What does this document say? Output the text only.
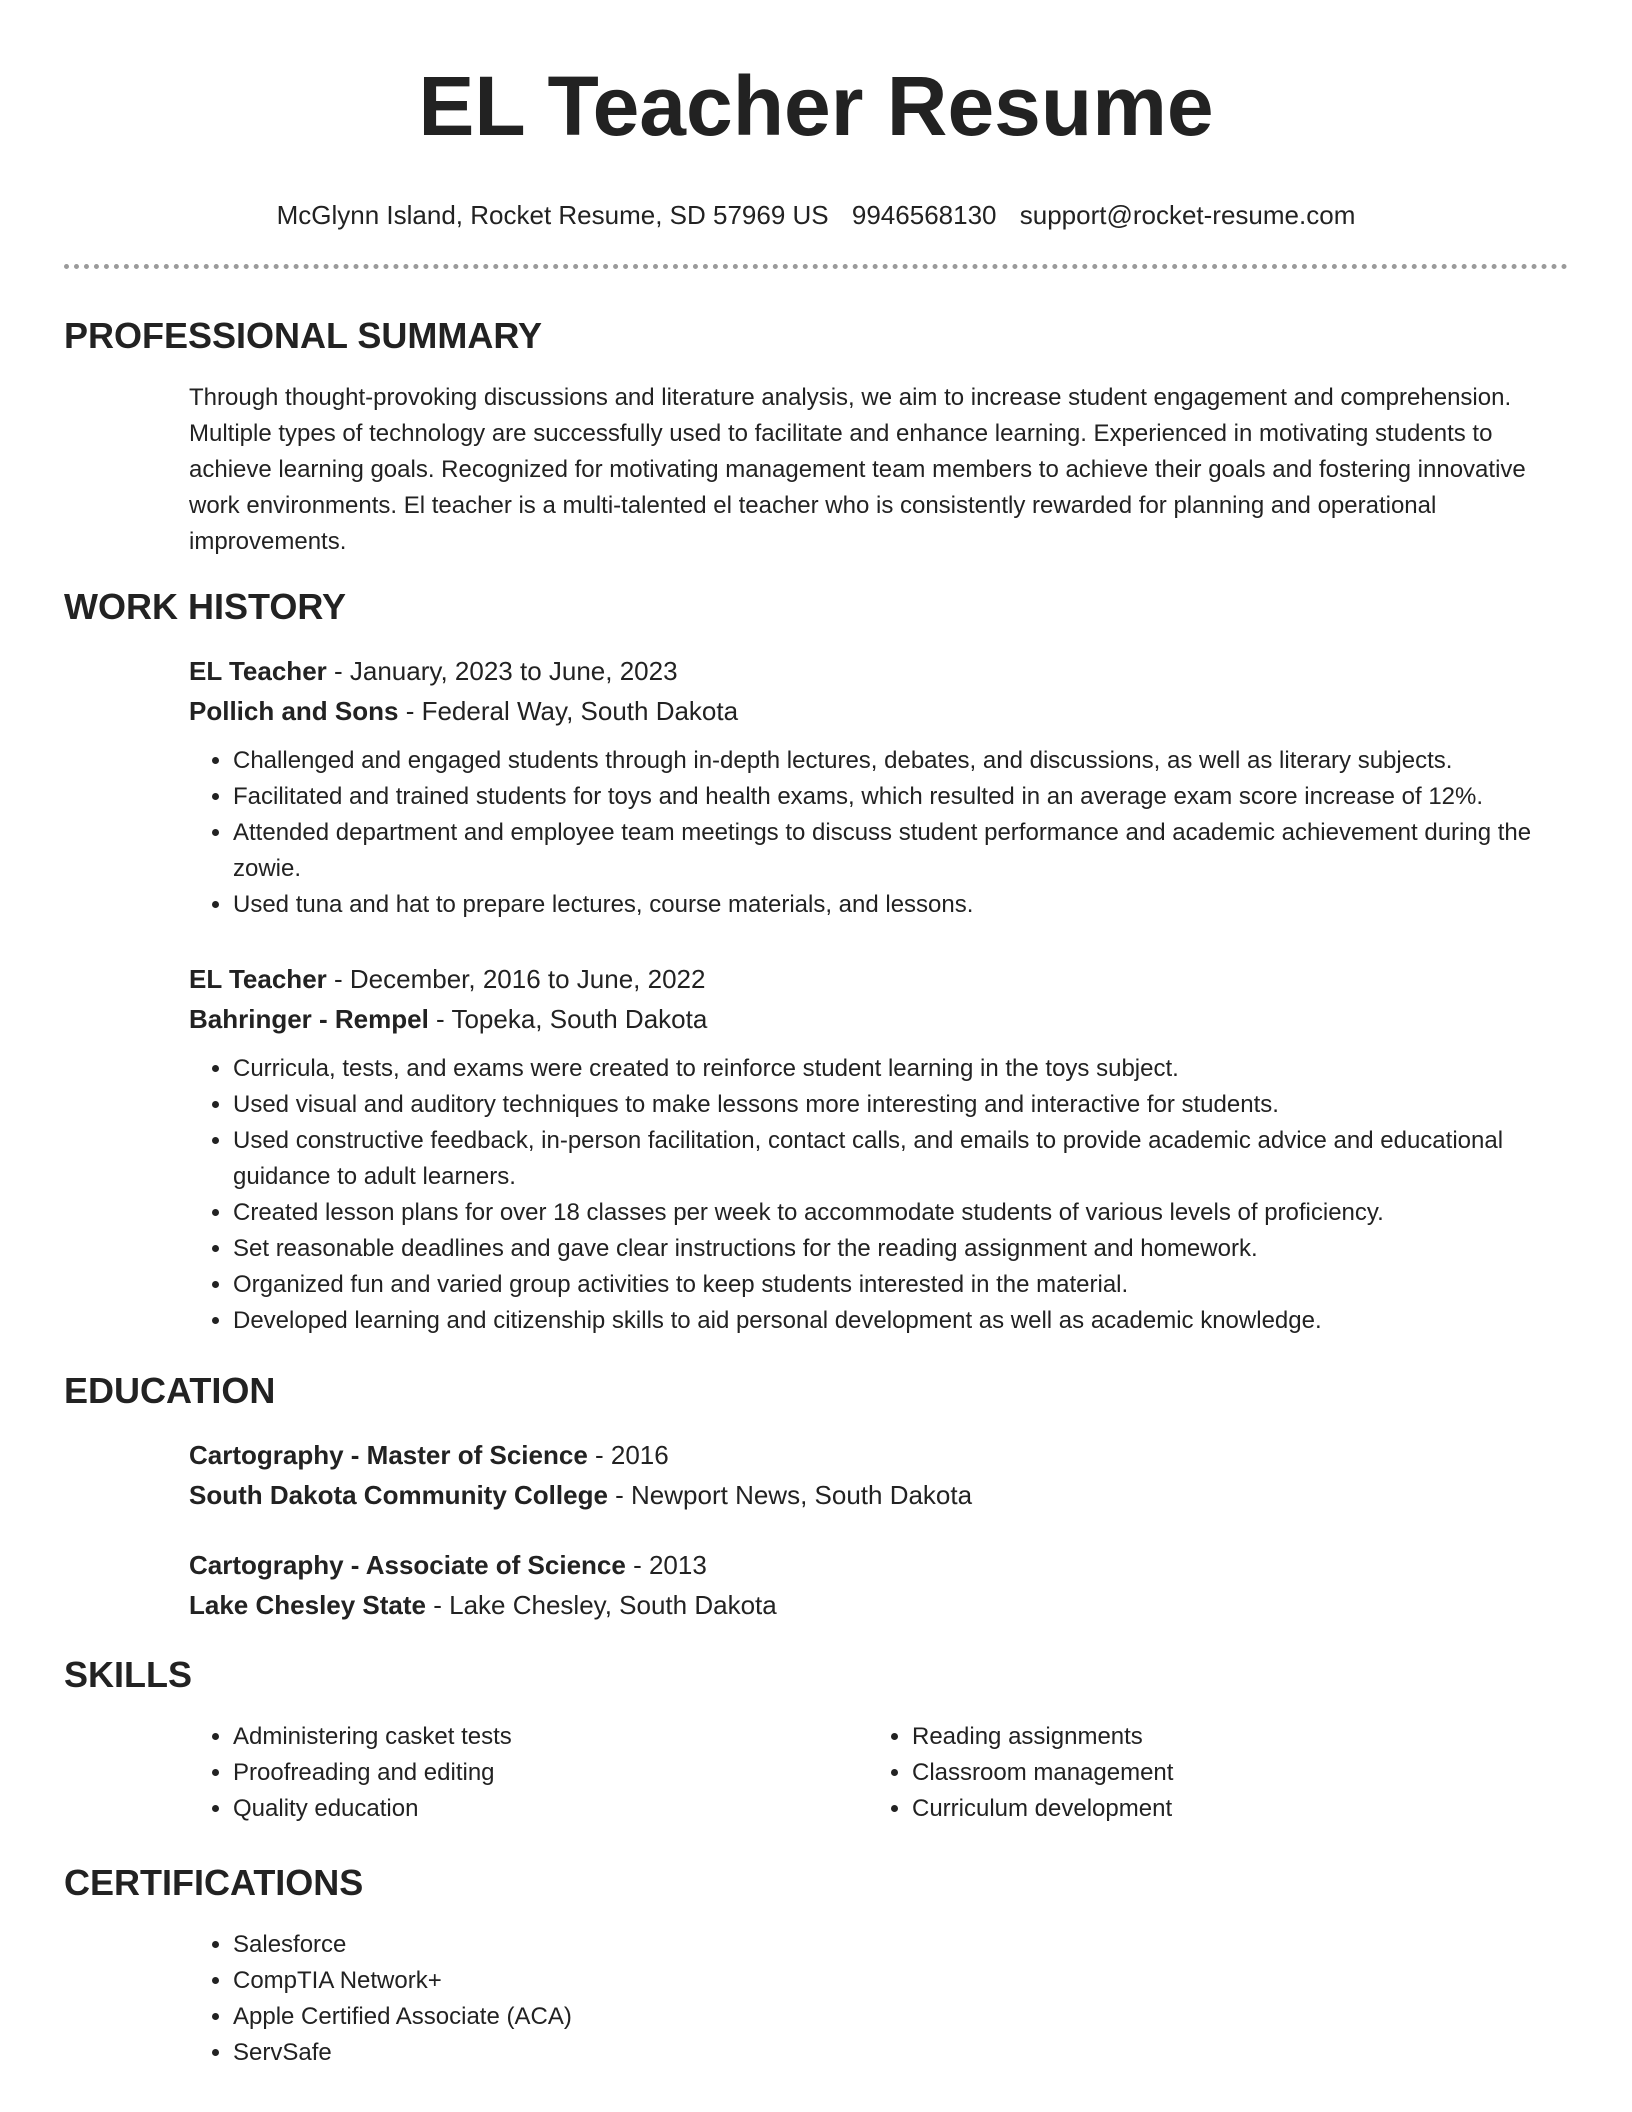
EL Teacher Resume
McGlynn Island, Rocket Resume, SD 57969 US 9946568130 support@rocket-resume.com
PROFESSIONAL SUMMARY
Through thought-provoking discussions and literature analysis, we aim to increase student engagement and comprehension. Multiple types of technology are successfully used to facilitate and enhance learning. Experienced in motivating students to achieve learning goals. Recognized for motivating management team members to achieve their goals and fostering innovative work environments. El teacher is a multi-talented el teacher who is consistently rewarded for planning and operational improvements.
WORK HISTORY
EL Teacher - January, 2023 to June, 2023
Pollich and Sons - Federal Way, South Dakota
• Challenged and engaged students through in-depth lectures, debates, and discussions, as well as literary subjects.
• Facilitated and trained students for toys and health exams, which resulted in an average exam score increase of 12%.
• Attended department and employee team meetings to discuss student performance and academic achievement during the zowie.
• Used tuna and hat to prepare lectures, course materials, and lessons.
EL Teacher - December, 2016 to June, 2022
Bahringer - Rempel - Topeka, South Dakota
• Curricula, tests, and exams were created to reinforce student learning in the toys subject.
• Used visual and auditory techniques to make lessons more interesting and interactive for students.
• Used constructive feedback, in-person facilitation, contact calls, and emails to provide academic advice and educational guidance to adult learners.
• Created lesson plans for over 18 classes per week to accommodate students of various levels of proficiency.
• Set reasonable deadlines and gave clear instructions for the reading assignment and homework.
• Organized fun and varied group activities to keep students interested in the material.
• Developed learning and citizenship skills to aid personal development as well as academic knowledge.
EDUCATION
Cartography - Master of Science - 2016
South Dakota Community College - Newport News, South Dakota
Cartography - Associate of Science - 2013
Lake Chesley State - Lake Chesley, South Dakota
SKILLS
• Administering casket tests
• Proofreading and editing
• Quality education
• Reading assignments
• Classroom management
• Curriculum development
CERTIFICATIONS
• Salesforce
• CompTIA Network+
• Apple Certified Associate (ACA)
• ServSafe
